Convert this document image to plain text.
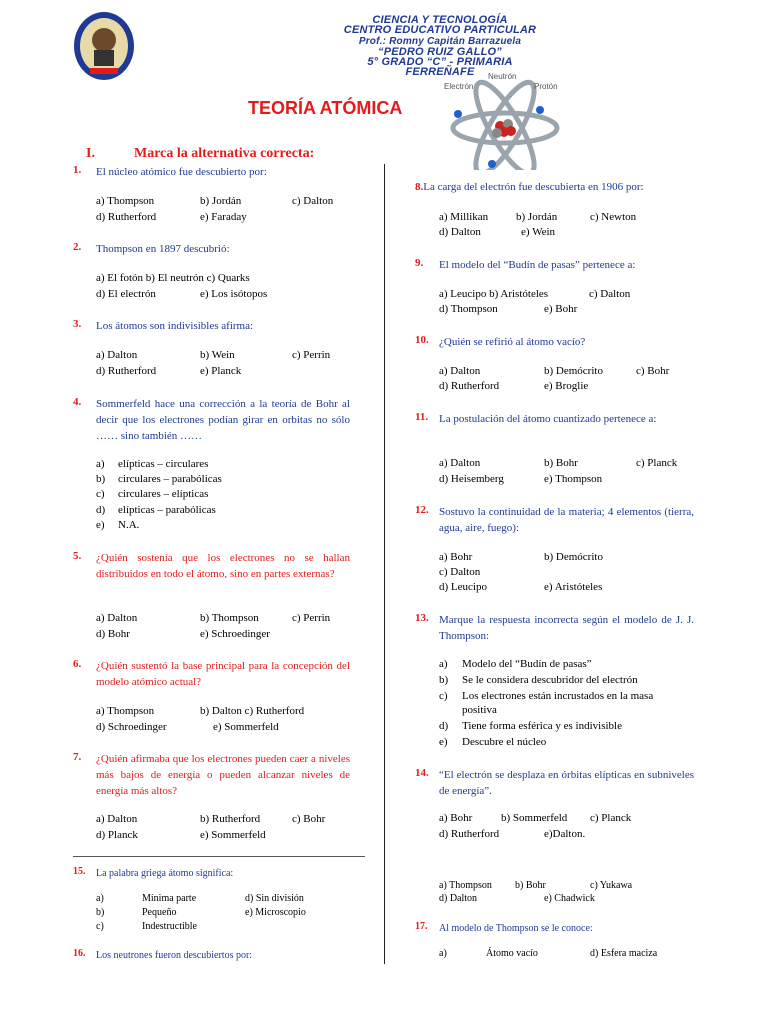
CIENCIA Y TECNOLOGÍA
CENTRO EDUCATIVO PARTICULAR
Prof.: Romny Capitán Barrazuela
“PEDRO RUIZ GALLO”
5° GRADO “C” - PRIMARIA
FERREÑAFE
TEORÍA ATÓMICA
Neutrón
Electrón	Protón
I.	Marca la alternativa correcta:
1. El núcleo atómico fue descubierto por:
a) Thompson	b) Jordán	c) Dalton
d) Rutherford	e) Faraday
2. Thompson en 1897 descubrió:
a) El fotón b) El neutrón c) Quarks
d) El electrón	e) Los isótopos
3. Los átomos son indivisibles afirma:
a) Dalton	b) Wein	c) Perrin
d) Rutherford	e) Planck
4. Sommerfeld hace una corrección a la teoría de Bohr al decir que los electrones podían girar en orbitas no sólo …… sino también ……
a) elípticas – circulares
b) circulares – parabólicas
c) circulares – elípticas
d) elípticas – parabólicas
e) N.A.
5. ¿Quién sostenía que los electrones no se hallan distribuidos en todo el átomo, sino en partes externas?
a) Dalton	b) Thompson	c) Perrin
d) Bohr	e) Schroedinger
6. ¿Quién sustentó la base principal para la concepción del modelo atómico actual?
a) Thompson	b) Dalton c) Rutherford
d) Schroedinger	e) Sommerfeld
7. ¿Quién afirmaba que los electrones pueden caer a niveles más bajos de energía o pueden alcanzar niveles de energía más altos?
a) Dalton	b) Rutherford	c) Bohr
d) Planck	e) Sommerfeld
15. La palabra griega átomo significa:
a)	Mínima parte	d) Sin división
b)	Pequeño	e) Microscopio
c)	Indestructible
16. Los neutrones fueron descubiertos por:
8.La carga del electrón fue descubierta en 1906 por:
a) Millikan	b) Jordán	c) Newton
d) Dalton	e) Wein
9. El modelo del “Budín de pasas” pertenece a:
a) Leucipo b) Aristóteles	c) Dalton
d) Thompson	e) Bohr
10. ¿Quién se refirió al átomo vacío?
a) Dalton	b) Demócrito	c) Bohr
d) Rutherford	e) Broglie
11. La postulación del átomo cuantizado pertenece a:
a) Dalton	b) Bohr	c) Planck
d) Heisemberg	e) Thompson
12. Sostuvo la continuidad de la materia; 4 elementos (tierra, agua, aire, fuego):
a) Bohr	b) Demócrito
c) Dalton
d) Leucipo	e) Aristóteles
13. Marque la respuesta incorrecta según el modelo de J. J. Thompson:
a) Modelo del “Budín de pasas”
b) Se le considera descubridor del electrón
c) Los electrones están incrustados en la masa
positiva
d) Tiene forma esférica y es indivisible
e) Descubre el núcleo
14. “El electrón se desplaza en órbitas elípticas en subniveles de energía”.
a) Bohr	b) Sommerfeld c) Planck
d) Rutherford	e)Dalton.
a) Thompson b) Bohr	c) Yukawa
d) Dalton	e) Chadwick
17. Al modelo de Thompson se le conoce:
a)	Átomo vacío	d) Esfera maciza
